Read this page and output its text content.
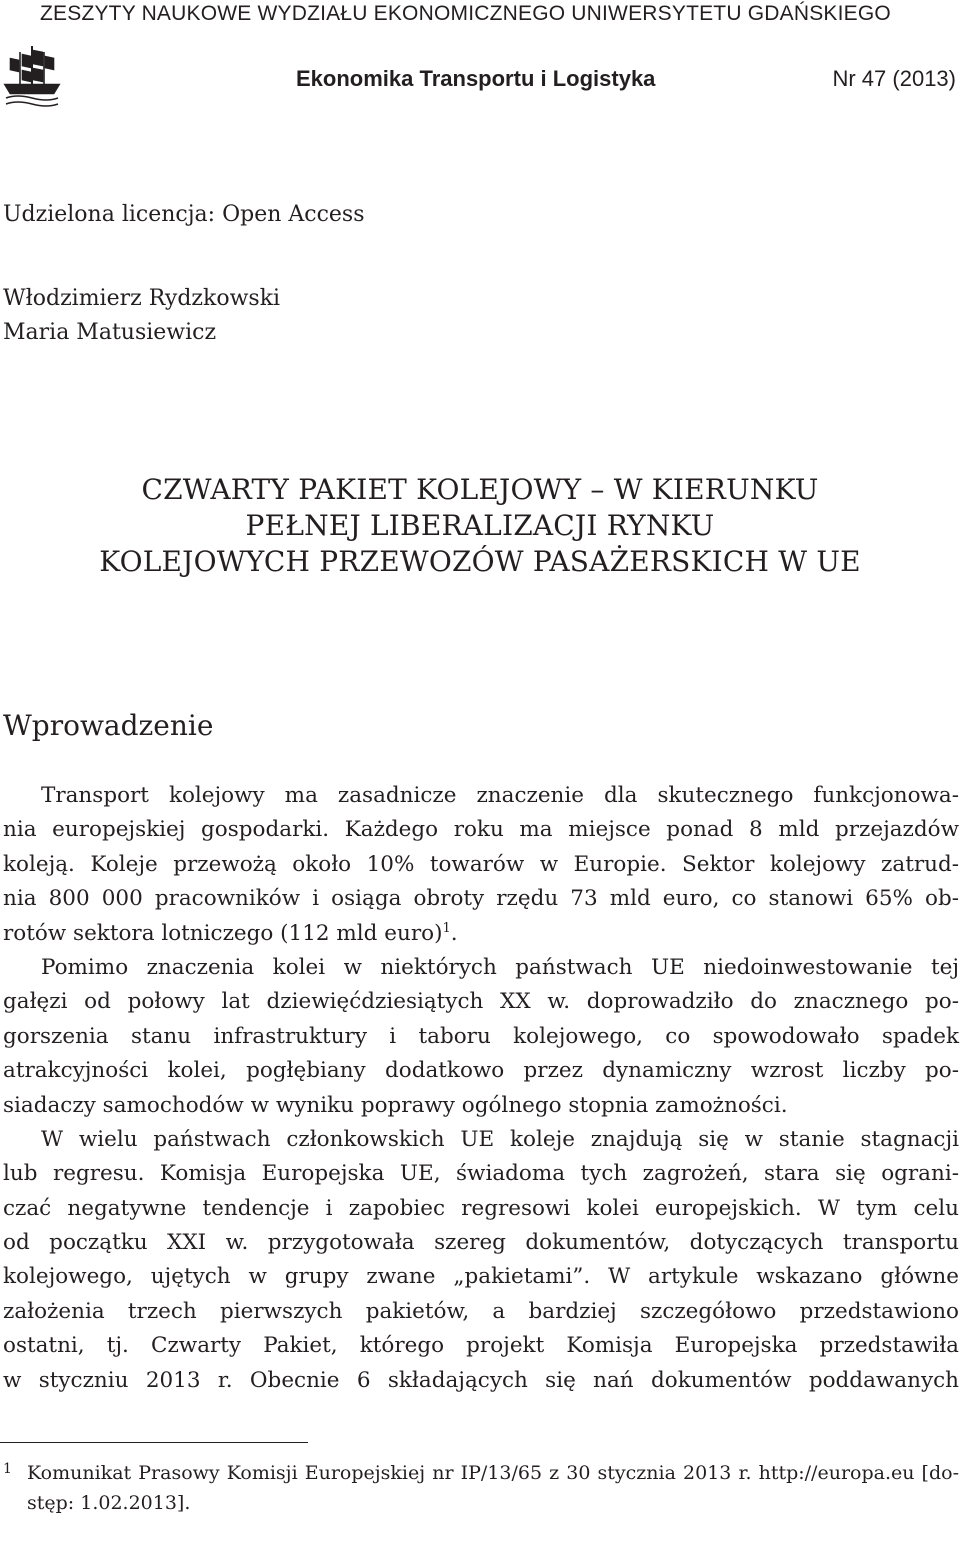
ZESZYTY NAUKOWE WYDZIAŁU EKONOMICZNEGO UNIWERSYTETU GDAŃSKIEGO
Ekonomika Transportu i Logistyka	Nr 47 (2013)
Udzielona licencja: Open Access
Włodzimierz Rydzkowski
Maria Matusiewicz
CZWARTY PAKIET KOLEJOWY – W KIERUNKU
PEŁNEJ LIBERALIZACJI RYNKU
KOLEJOWYCH PRZEWOZÓW PASAŻERSKICH W UE
Wprowadzenie
Transport kolejowy ma zasadnicze znaczenie dla skutecznego funkcjonowa-
nia europejskiej gospodarki. Każdego roku ma miejsce ponad 8 mld przejazdów
koleją. Koleje przewożą około 10% towarów w Europie. Sektor kolejowy zatrud-
nia 800 000 pracowników i osiąga obroty rzędu 73 mld euro, co stanowi 65% ob-
rotów sektora lotniczego (112 mld euro)$^1$.
Pomimo znaczenia kolei w niektórych państwach UE niedoinwestowanie tej
gałęzi od połowy lat dziewięćdziesiątych XX w. doprowadziło do znacznego po-
gorszenia stanu infrastruktury i taboru kolejowego, co spowodowało spadek
atrakcyjności kolei, pogłębiany dodatkowo przez dynamiczny wzrost liczby po-
siadaczy samochodów w wyniku poprawy ogólnego stopnia zamożności.
W wielu państwach członkowskich UE koleje znajdują się w stanie stagnacji
lub regresu. Komisja Europejska UE, świadoma tych zagrożeń, stara się ograni-
czać negatywne tendencje i zapobiec regresowi kolei europejskich. W tym celu
od początku XXI w. przygotowała szereg dokumentów, dotyczących transportu
kolejowego, ujętych w grupy zwane „pakietami”. W artykule wskazano główne
założenia trzech pierwszych pakietów, a bardziej szczegółowo przedstawiono
ostatni, tj. Czwarty Pakiet, którego projekt Komisja Europejska przedstawiła
w styczniu 2013 r. Obecnie 6 składających się nań dokumentów poddawanych
1 Komunikat Prasowy Komisji Europejskiej nr IP/13/65 z 30 stycznia 2013 r. http://europa.eu [do-
stęp: 1.02.2013].
